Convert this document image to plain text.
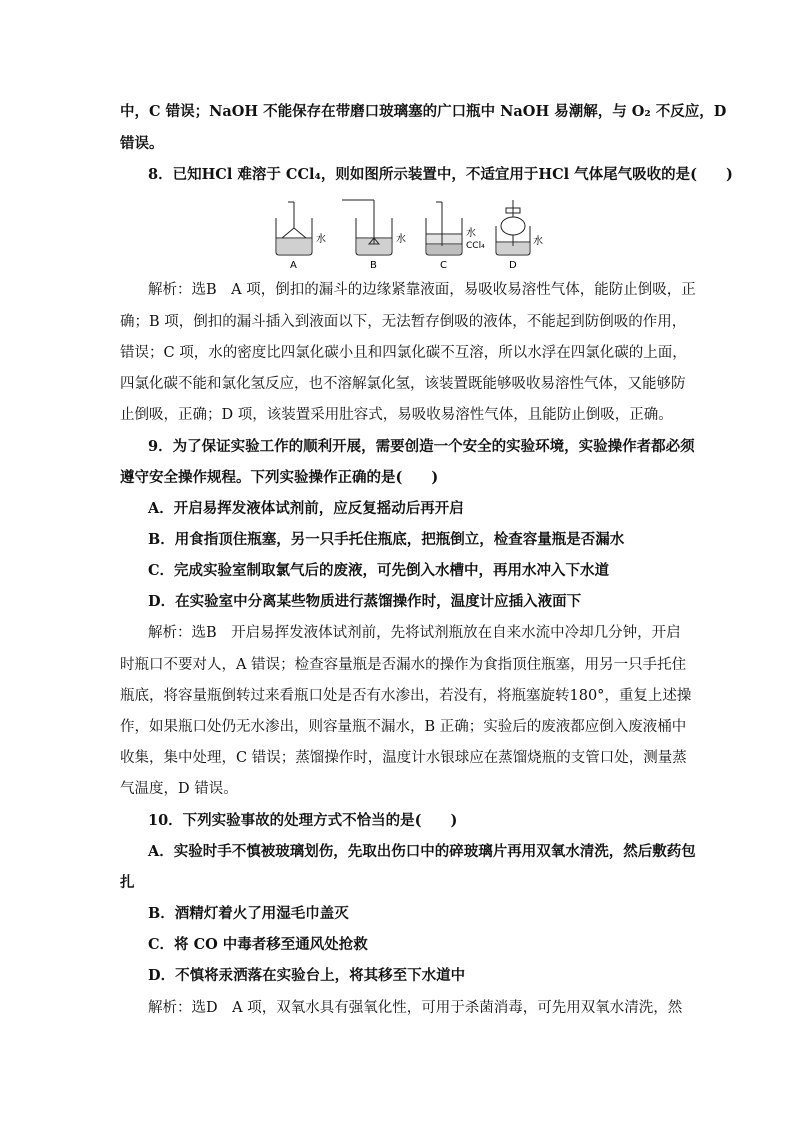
中，C 错误；NaOH 不能保存在带磨口玻璃塞的广口瓶中 NaOH 易潮解，与 O₂ 不反应，D
错误。
8．已知HCl 难溶于 CCl₄，则如图所示装置中，不适宜用于HCl 气体尾气吸收的是(　　)
水	水
水
CCl₄	水
A	B	C	D
解析：选B　A 项，倒扣的漏斗的边缘紧靠液面，易吸收易溶性气体，能防止倒吸，正
确；B 项，倒扣的漏斗插入到液面以下，无法暂存倒吸的液体，不能起到防倒吸的作用，
错误；C 项，水的密度比四氯化碳小且和四氯化碳不互溶，所以水浮在四氯化碳的上面，
四氯化碳不能和氯化氢反应，也不溶解氯化氢，该装置既能够吸收易溶性气体，又能够防
止倒吸，正确；D 项，该装置采用肚容式，易吸收易溶性气体，且能防止倒吸，正确。
9．为了保证实验工作的顺利开展，需要创造一个安全的实验环境，实验操作者都必须
遵守安全操作规程。下列实验操作正确的是(　　)
A．开启易挥发液体试剂前，应反复摇动后再开启
B．用食指顶住瓶塞，另一只手托住瓶底，把瓶倒立，检查容量瓶是否漏水
C．完成实验室制取氯气后的废液，可先倒入水槽中，再用水冲入下水道
D．在实验室中分离某些物质进行蒸馏操作时，温度计应插入液面下
解析：选B　开启易挥发液体试剂前，先将试剂瓶放在自来水流中冷却几分钟，开启
时瓶口不要对人，A 错误；检查容量瓶是否漏水的操作为食指顶住瓶塞，用另一只手托住
瓶底，将容量瓶倒转过来看瓶口处是否有水渗出，若没有，将瓶塞旋转180°，重复上述操
作，如果瓶口处仍无水渗出，则容量瓶不漏水，B 正确；实验后的废液都应倒入废液桶中
收集，集中处理，C 错误；蒸馏操作时，温度计水银球应在蒸馏烧瓶的支管口处，测量蒸
气温度，D 错误。
10．下列实验事故的处理方式不恰当的是(　　)
A．实验时手不慎被玻璃划伤，先取出伤口中的碎玻璃片再用双氧水清洗，然后敷药包
扎
B．酒精灯着火了用湿毛巾盖灭
C．将 CO 中毒者移至通风处抢救
D．不慎将汞洒落在实验台上，将其移至下水道中
解析：选D　A 项，双氧水具有强氧化性，可用于杀菌消毒，可先用双氧水清洗，然
